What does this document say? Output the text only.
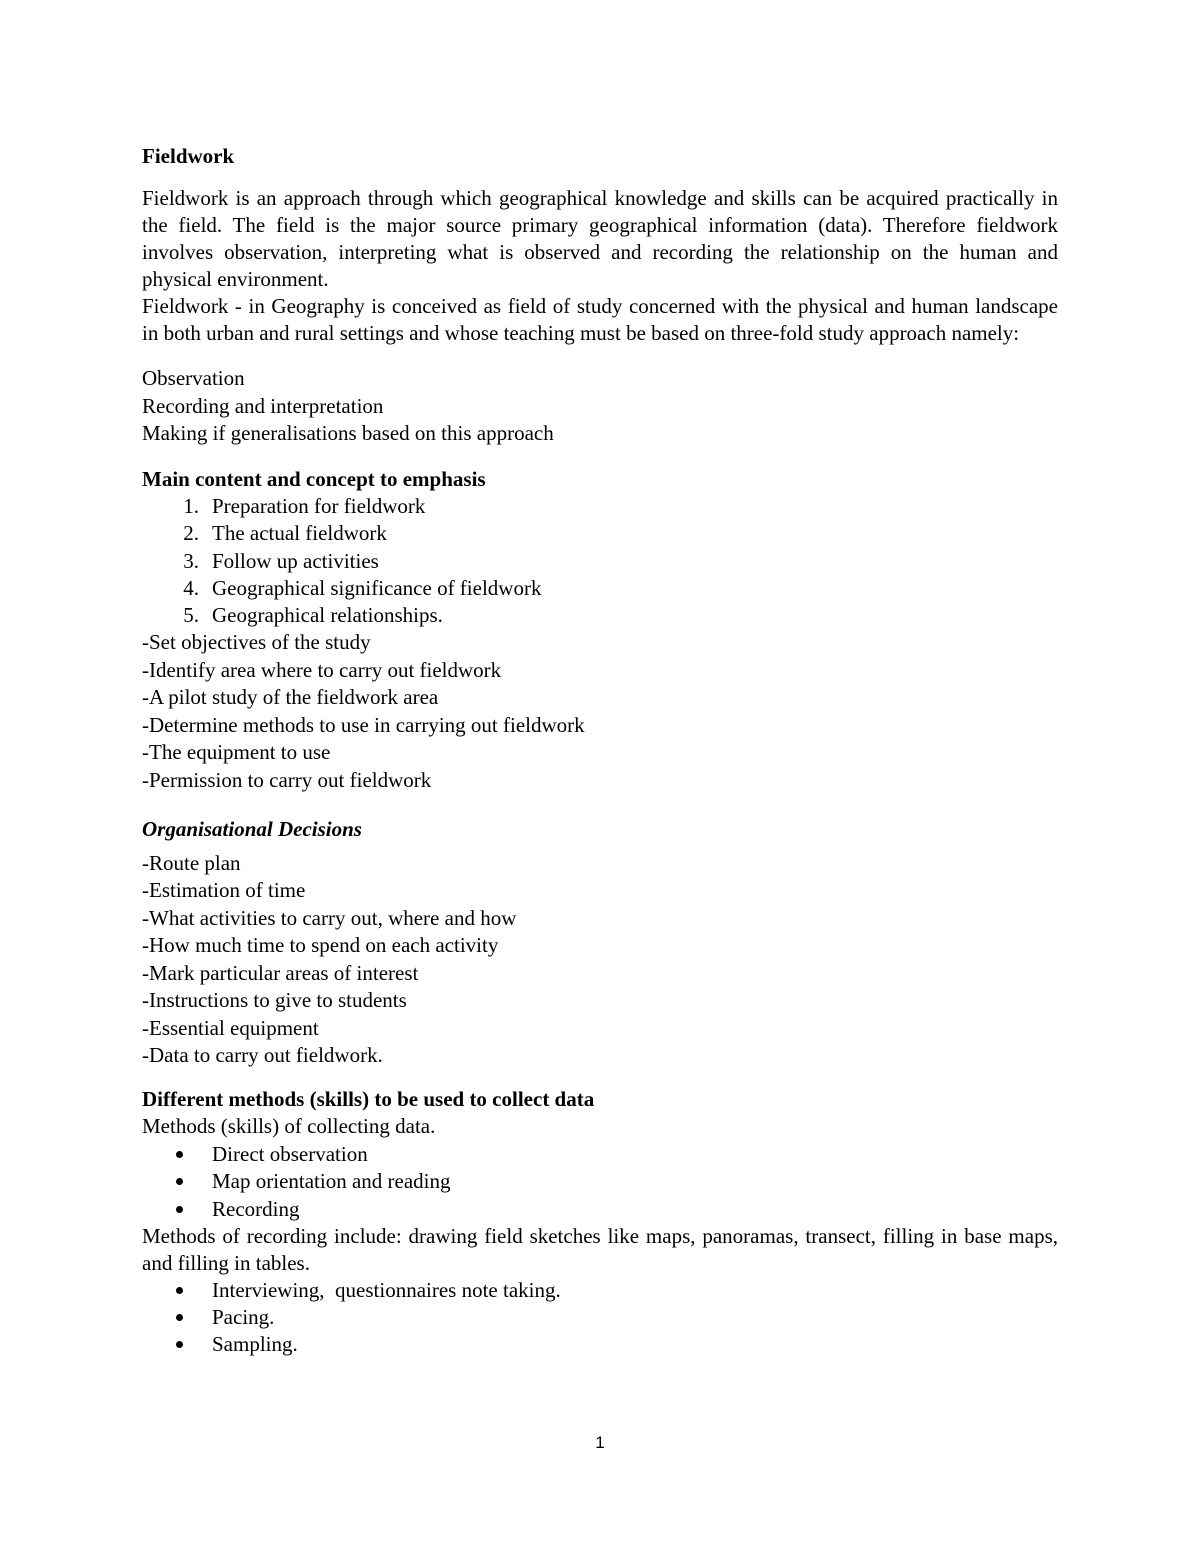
Fieldwork

Fieldwork is an approach through which geographical knowledge and skills can be acquired practically in the field. The field is the major source primary geographical information (data). Therefore fieldwork involves observation, interpreting what is observed and recording the relationship on the human and physical environment.

Fieldwork - in Geography is conceived as field of study concerned with the physical and human landscape in both urban and rural settings and whose teaching must be based on three-fold study approach namely:

Observation

Recording and interpretation

Making if generalisations based on this approach

Main content and concept to emphasis

1. Preparation for fieldwork
2. The actual fieldwork
3. Follow up activities
4. Geographical significance of fieldwork
5. Geographical relationships.

-Set objectives of the study

-Identify area where to carry out fieldwork

-A pilot study of the fieldwork area

-Determine methods to use in carrying out fieldwork

-The equipment to use

-Permission to carry out fieldwork

Organisational Decisions

-Route plan

-Estimation of time

-What activities to carry out, where and how

-How much time to spend on each activity

-Mark particular areas of interest

-Instructions to give to students

-Essential equipment

-Data to carry out fieldwork.

Different methods (skills) to be used to collect data

Methods (skills) of collecting data.

Direct observation
Map orientation and reading
Recording

Methods of recording include: drawing field sketches like maps, panoramas, transect, filling in base maps, and filling in tables.

Interviewing,  questionnaires note taking.
Pacing.
Sampling.
1
